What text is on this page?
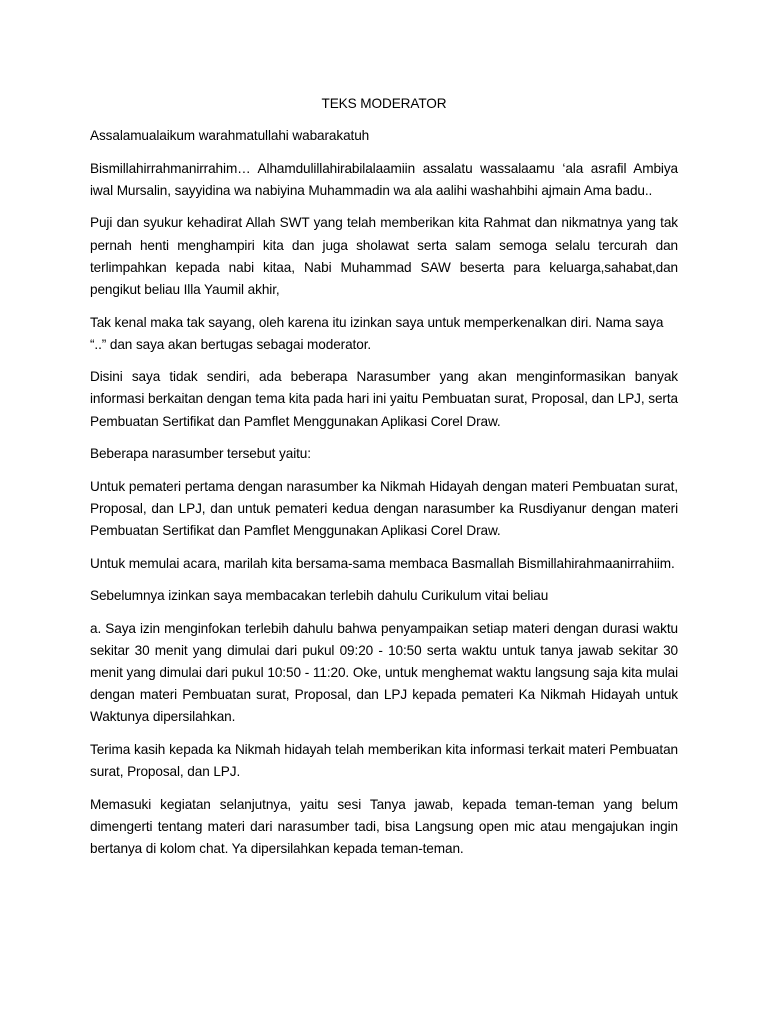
TEKS MODERATOR

Assalamualaikum warahmatullahi wabarakatuh

Bismillahirrahmanirrahim… Alhamdulillahirabilalaamiin assalatu wassalaamu ‘ala asrafil Ambiya iwal Mursalin, sayyidina wa nabiyina Muhammadin wa ala aalihi washahbihi ajmain Ama badu..

Puji dan syukur kehadirat Allah SWT yang telah memberikan kita Rahmat dan nikmatnya yang tak pernah henti menghampiri kita dan juga sholawat serta salam semoga selalu tercurah dan terlimpahkan kepada nabi kitaa, Nabi Muhammad SAW beserta para keluarga,sahabat,dan pengikut beliau Illa Yaumil akhir,

Tak kenal maka tak sayang, oleh karena itu izinkan saya untuk memperkenalkan diri. Nama saya “..” dan saya akan bertugas sebagai moderator.

Disini saya tidak sendiri, ada beberapa Narasumber yang akan menginformasikan banyak informasi berkaitan dengan tema kita pada hari ini yaitu Pembuatan surat, Proposal, dan LPJ, serta Pembuatan Sertifikat dan Pamflet Menggunakan Aplikasi Corel Draw.

Beberapa narasumber tersebut yaitu:

Untuk pemateri pertama dengan narasumber ka Nikmah Hidayah dengan materi Pembuatan surat, Proposal, dan LPJ, dan untuk pemateri kedua dengan narasumber ka Rusdiyanur dengan materi Pembuatan Sertifikat dan Pamflet Menggunakan Aplikasi Corel Draw.

Untuk memulai acara, marilah kita bersama-sama membaca Basmallah Bismillahirahmaanirrahiim.

Sebelumnya izinkan saya membacakan terlebih dahulu Curikulum vitai beliau

a. Saya izin menginfokan terlebih dahulu bahwa penyampaikan setiap materi dengan durasi waktu sekitar 30 menit yang dimulai dari pukul 09:20 - 10:50 serta waktu untuk tanya jawab sekitar 30 menit yang dimulai dari pukul 10:50 - 11:20. Oke, untuk menghemat waktu langsung saja kita mulai dengan materi Pembuatan surat, Proposal, dan LPJ kepada pemateri Ka Nikmah Hidayah untuk Waktunya dipersilahkan.

Terima kasih kepada ka Nikmah hidayah telah memberikan kita informasi terkait materi Pembuatan surat, Proposal, dan LPJ.

Memasuki kegiatan selanjutnya, yaitu sesi Tanya jawab, kepada teman-teman yang belum dimengerti tentang materi dari narasumber tadi, bisa Langsung open mic atau mengajukan ingin bertanya di kolom chat. Ya dipersilahkan kepada teman-teman.
